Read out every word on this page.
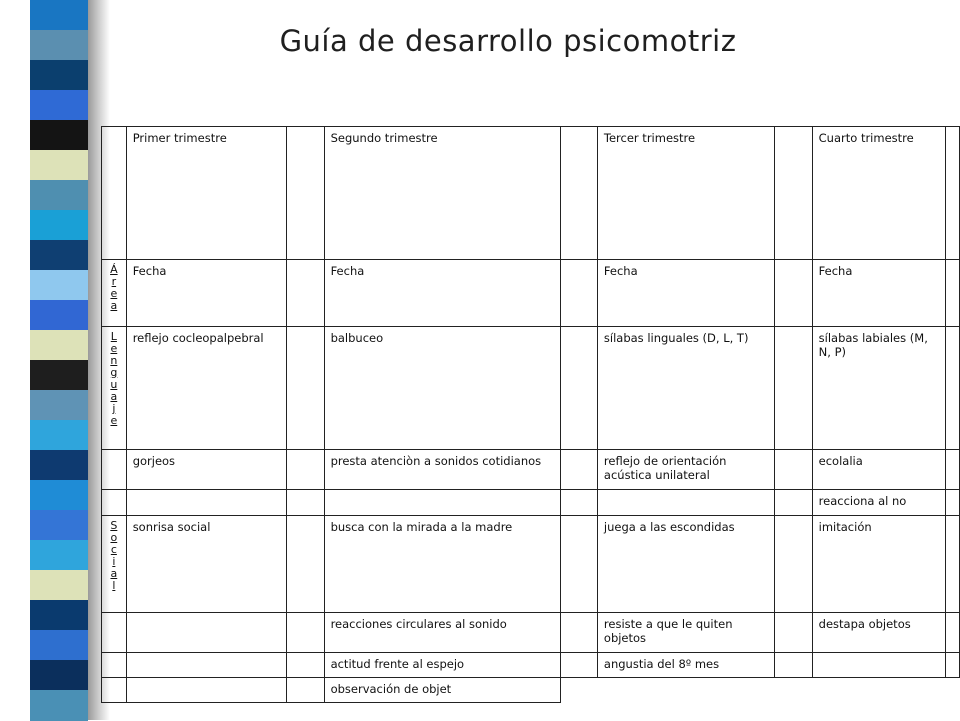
Guía de desarrollo psicomotriz
	Primer trimestre		Segundo trimestre		Tercer trimestre		Cuarto trimestre	
Área	Fecha		Fecha		Fecha		Fecha	
Lenguaje	reflejo cocleopalpebral		balbuceo		sílabas linguales (D, L, T)		sílabas labiales (M, N, P)	
	gorjeos		presta atenciòn a sonidos cotidianos		reflejo de orientación acústica unilateral		ecolalia	
							reacciona al no	
Social	sonrisa social		busca con la mirada a la madre		juega a las escondidas		imitación	
			reacciones circulares al sonido		resiste a que le quiten objetos		destapa objetos	
			actitud frente al espejo		angustia del 8º mes			
			observación de objet					
